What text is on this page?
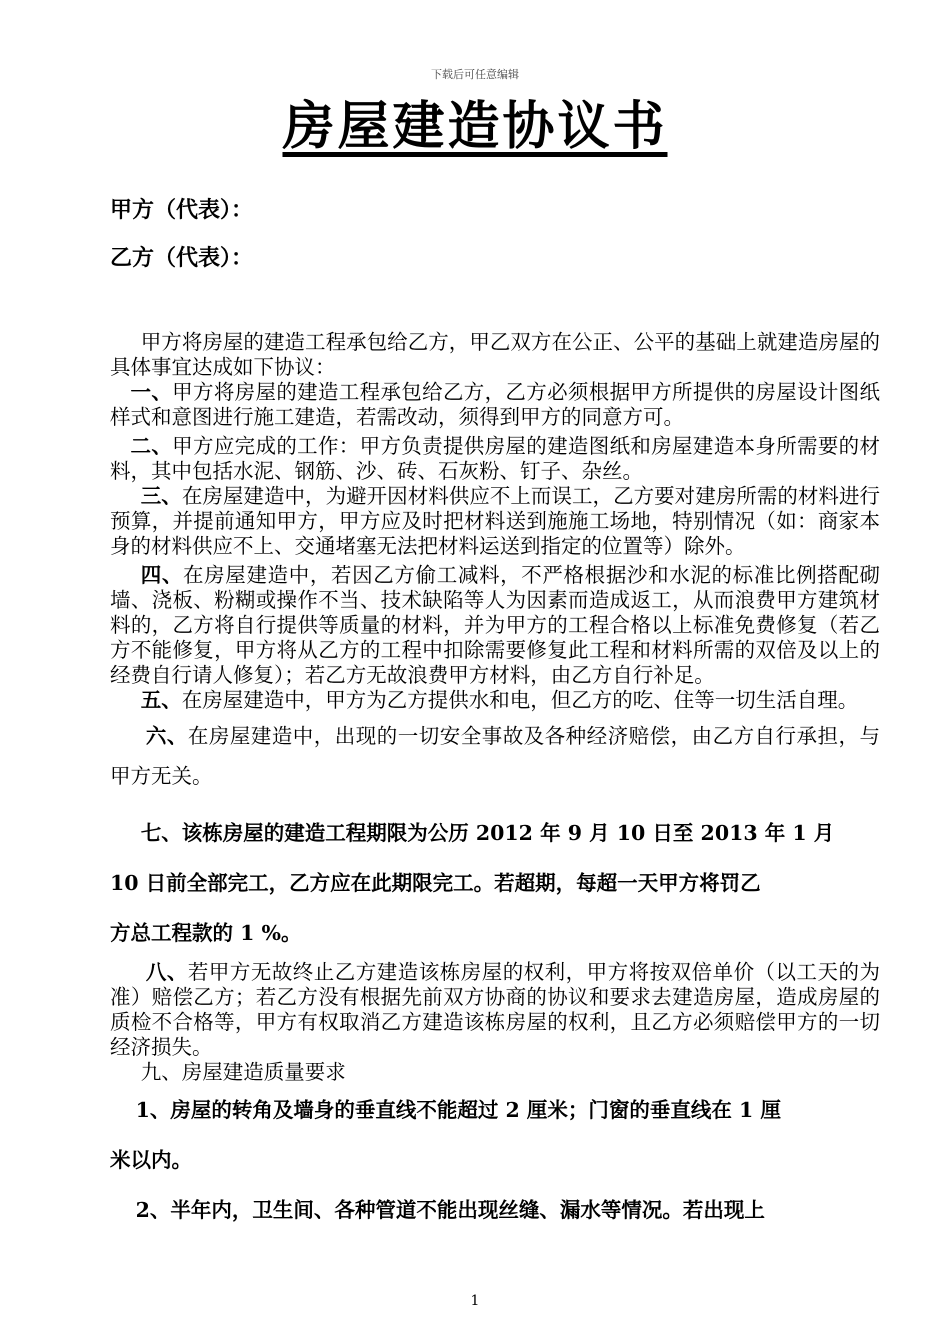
下载后可任意编辑
房屋建造协议书
甲方（代表）：
乙方（代表）：

甲方将房屋的建造工程承包给乙方，甲乙双方在公正、公平的基础上就建造房屋的具体事宜达成如下协议：

一、甲方将房屋的建造工程承包给乙方，乙方必须根据甲方所提供的房屋设计图纸样式和意图进行施工建造，若需改动，须得到甲方的同意方可。

二、甲方应完成的工作：甲方负责提供房屋的建造图纸和房屋建造本身所需要的材料，其中包括水泥、钢筋、沙、砖、石灰粉、钉子、杂丝。

三、在房屋建造中，为避开因材料供应不上而误工，乙方要对建房所需的材料进行预算，并提前通知甲方，甲方应及时把材料送到施施工场地，特别情况（如：商家本身的材料供应不上、交通堵塞无法把材料运送到指定的位置等）除外。

四、在房屋建造中，若因乙方偷工减料，不严格根据沙和水泥的标准比例搭配砌墙、浇板、粉糊或操作不当、技术缺陷等人为因素而造成返工，从而浪费甲方建筑材料的，乙方将自行提供等质量的材料，并为甲方的工程合格以上标准免费修复（若乙方不能修复，甲方将从乙方的工程中扣除需要修复此工程和材料所需的双倍及以上的经费自行请人修复）；若乙方无故浪费甲方材料，由乙方自行补足。

五、在房屋建造中，甲方为乙方提供水和电，但乙方的吃、住等一切生活自理。

六、在房屋建造中，出现的一切安全事故及各种经济赔偿，由乙方自行承担，与甲方无关。

七、该栋房屋的建造工程期限为公历 2012 年 9 月 10 日至 2013 年 1 月

10 日前全部完工，乙方应在此期限完工。若超期，每超一天甲方将罚乙

方总工程款的 1 %。

八、若甲方无故终止乙方建造该栋房屋的权利，甲方将按双倍单价（以工天的为准）赔偿乙方；若乙方没有根据先前双方协商的协议和要求去建造房屋，造成房屋的质检不合格等，甲方有权取消乙方建造该栋房屋的权利，且乙方必须赔偿甲方的一切经济损失。

九、房屋建造质量要求

1、房屋的转角及墙身的垂直线不能超过 2 厘米；门窗的垂直线在 1 厘

米以内。

2、半年内，卫生间、各种管道不能出现丝缝、漏水等情况。若出现上

1
